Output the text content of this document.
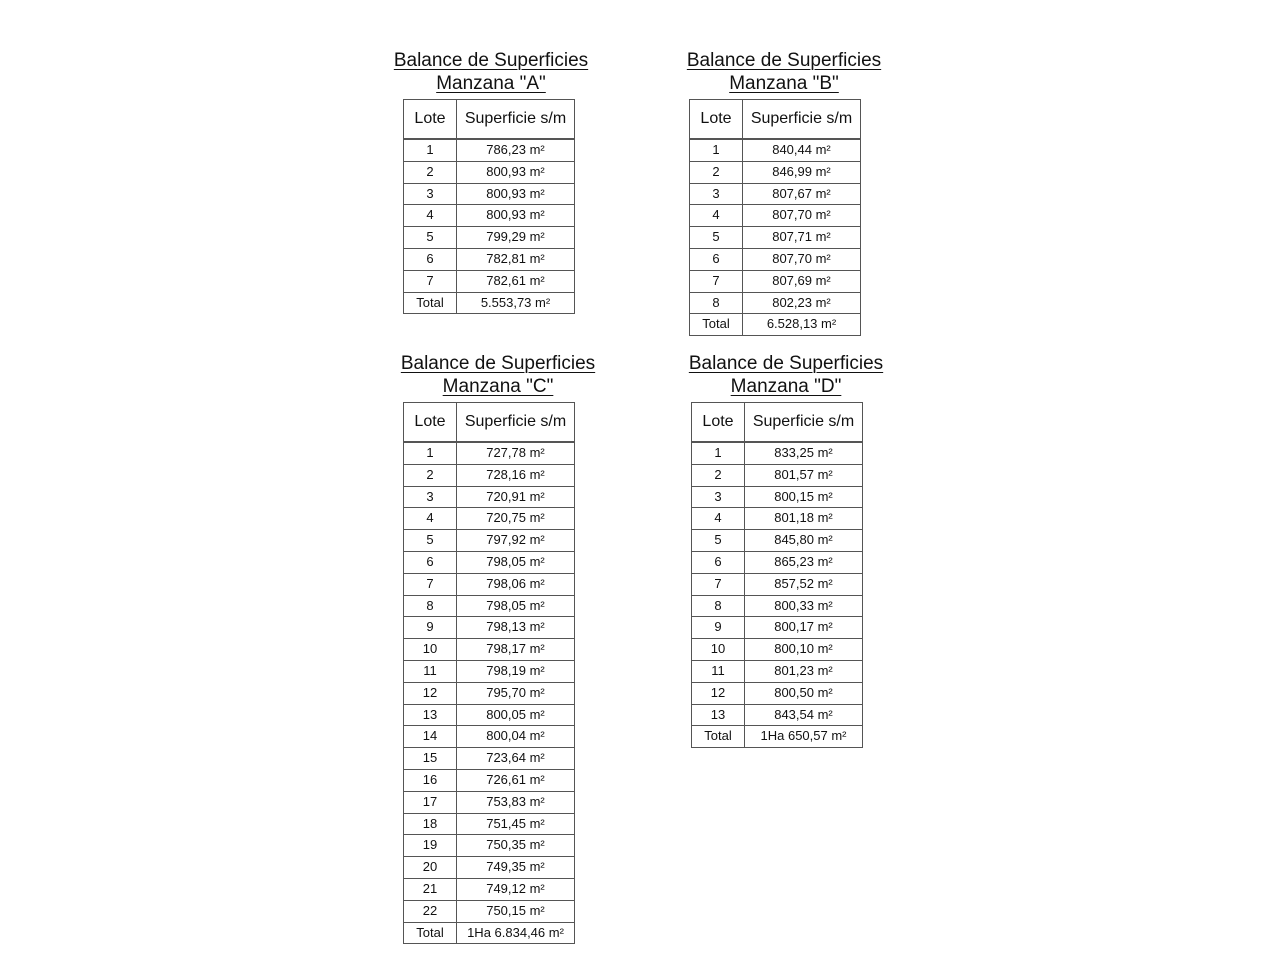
Balance de Superficies
Manzana "A"
Lote	Superficie s/m
1	786,23 m²
2	800,93 m²
3	800,93 m²
4	800,93 m²
5	799,29 m²
6	782,81 m²
7	782,61 m²
Total	5.553,73 m²
Balance de Superficies
Manzana "B"
Lote	Superficie s/m
1	840,44 m²
2	846,99 m²
3	807,67 m²
4	807,70 m²
5	807,71 m²
6	807,70 m²
7	807,69 m²
8	802,23 m²
Total	6.528,13 m²
Balance de Superficies
Manzana "C"
Lote	Superficie s/m
1	727,78 m²
2	728,16 m²
3	720,91 m²
4	720,75 m²
5	797,92 m²
6	798,05 m²
7	798,06 m²
8	798,05 m²
9	798,13 m²
10	798,17 m²
11	798,19 m²
12	795,70 m²
13	800,05 m²
14	800,04 m²
15	723,64 m²
16	726,61 m²
17	753,83 m²
18	751,45 m²
19	750,35 m²
20	749,35 m²
21	749,12 m²
22	750,15 m²
Total	1Ha 6.834,46 m²
Balance de Superficies
Manzana "D"
Lote	Superficie s/m
1	833,25 m²
2	801,57 m²
3	800,15 m²
4	801,18 m²
5	845,80 m²
6	865,23 m²
7	857,52 m²
8	800,33 m²
9	800,17 m²
10	800,10 m²
11	801,23 m²
12	800,50 m²
13	843,54 m²
Total	1Ha 650,57 m²
